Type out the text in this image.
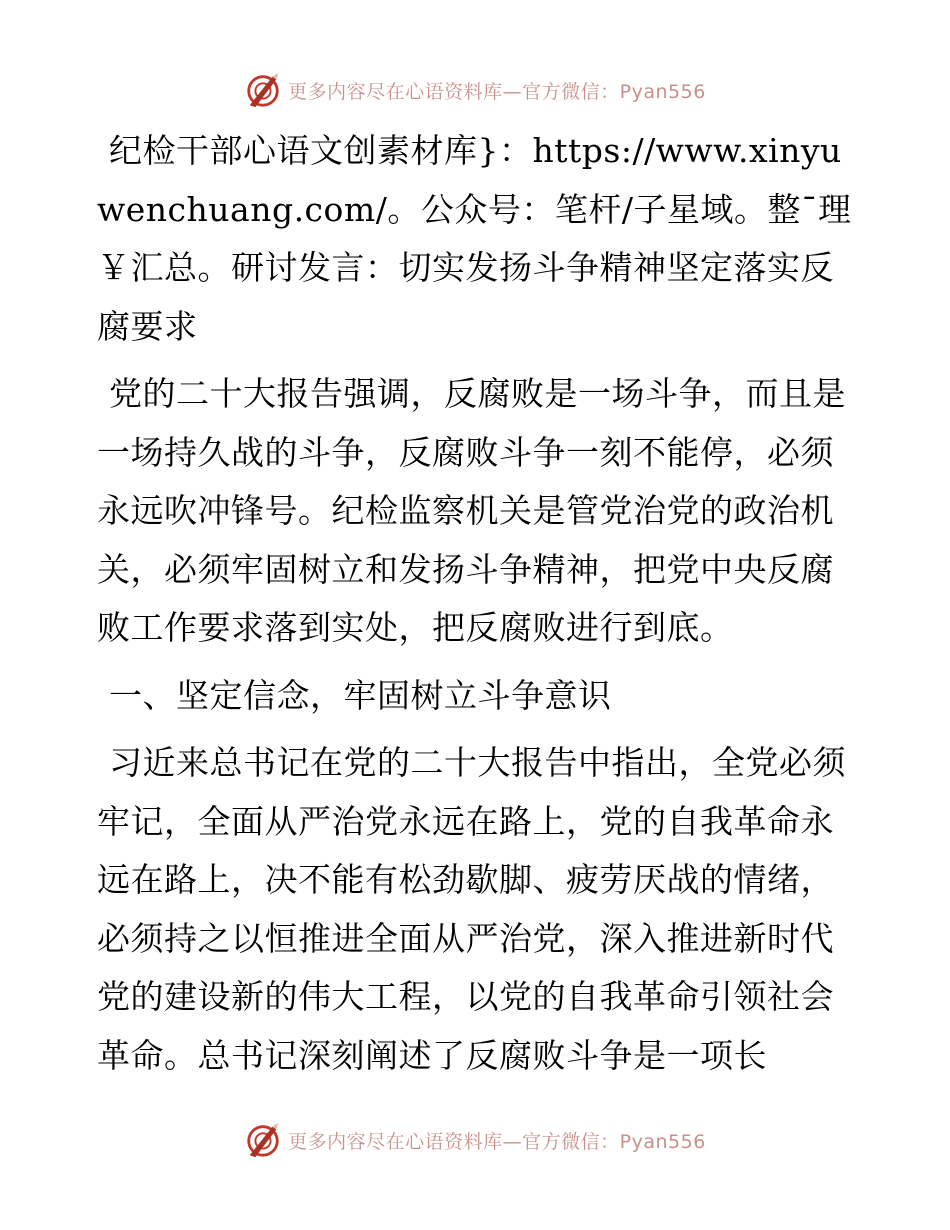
更多内容尽在心语资料库—官方微信：Pyan556

纪检干部心语文创素材库}：https://www.xinyuwenchuang.com/。公众号：笔杆/子星域。整¯理￥汇总。研讨发言：切实发扬斗争精神坚定落实反腐要求

党的二十大报告强调，反腐败是一场斗争，而且是一场持久战的斗争，反腐败斗争一刻不能停，必须永远吹冲锋号。纪检监察机关是管党治党的政治机关，必须牢固树立和发扬斗争精神，把党中央反腐败工作要求落到实处，把反腐败进行到底。

一、坚定信念，牢固树立斗争意识

习近来总书记在党的二十大报告中指出，全党必须牢记，全面从严治党永远在路上，党的自我革命永远在路上，决不能有松劲歇脚、疲劳厌战的情绪，必须持之以恒推进全面从严治党，深入推进新时代党的建设新的伟大工程，以党的自我革命引领社会革命。总书记深刻阐述了反腐败斗争是一项长

更多内容尽在心语资料库—官方微信：Pyan556
